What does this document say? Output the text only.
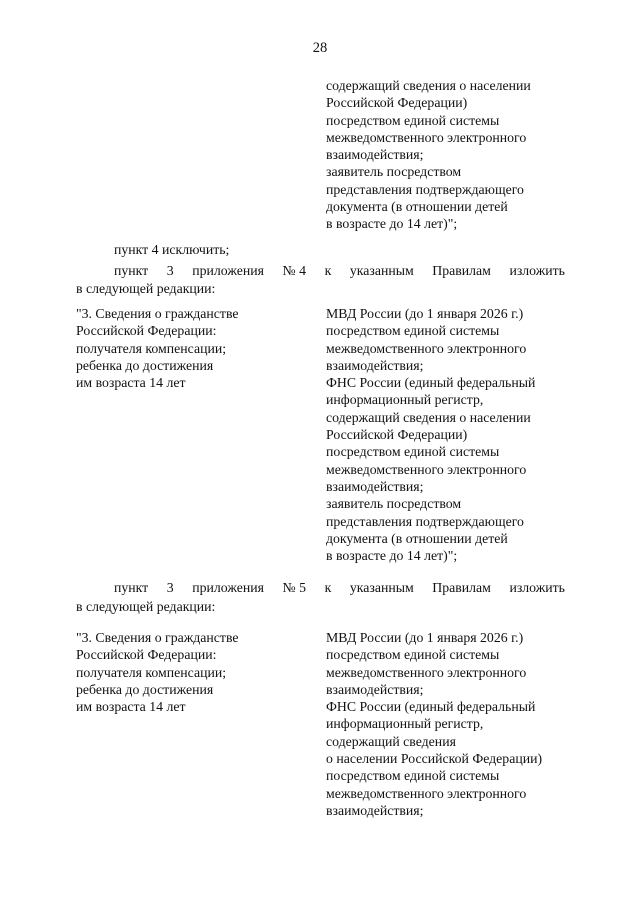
28
содержащий сведения о населении
Российской Федерации)
посредством единой системы
межведомственного электронного
взаимодействия;
заявитель посредством
представления подтверждающего
документа (в отношении детей
в возрасте до 14 лет)";
пункт 4 исключить;
пункт 3 приложения № 4 к указанным Правилам изложить
в следующей редакции:
"3. Сведения о гражданстве
Российской Федерации:
получателя компенсации;
ребенка до достижения
им возраста 14 лет
МВД России (до 1 января 2026 г.)
посредством единой системы
межведомственного электронного
взаимодействия;
ФНС России (единый федеральный
информационный регистр,
содержащий сведения о населении
Российской Федерации)
посредством единой системы
межведомственного электронного
взаимодействия;
заявитель посредством
представления подтверждающего
документа (в отношении детей
в возрасте до 14 лет)";
пункт 3 приложения № 5 к указанным Правилам изложить
в следующей редакции:
"3. Сведения о гражданстве
Российской Федерации:
получателя компенсации;
ребенка до достижения
им возраста 14 лет
МВД России (до 1 января 2026 г.)
посредством единой системы
межведомственного электронного
взаимодействия;
ФНС России (единый федеральный
информационный регистр,
содержащий сведения
о населении Российской Федерации)
посредством единой системы
межведомственного электронного
взаимодействия;
